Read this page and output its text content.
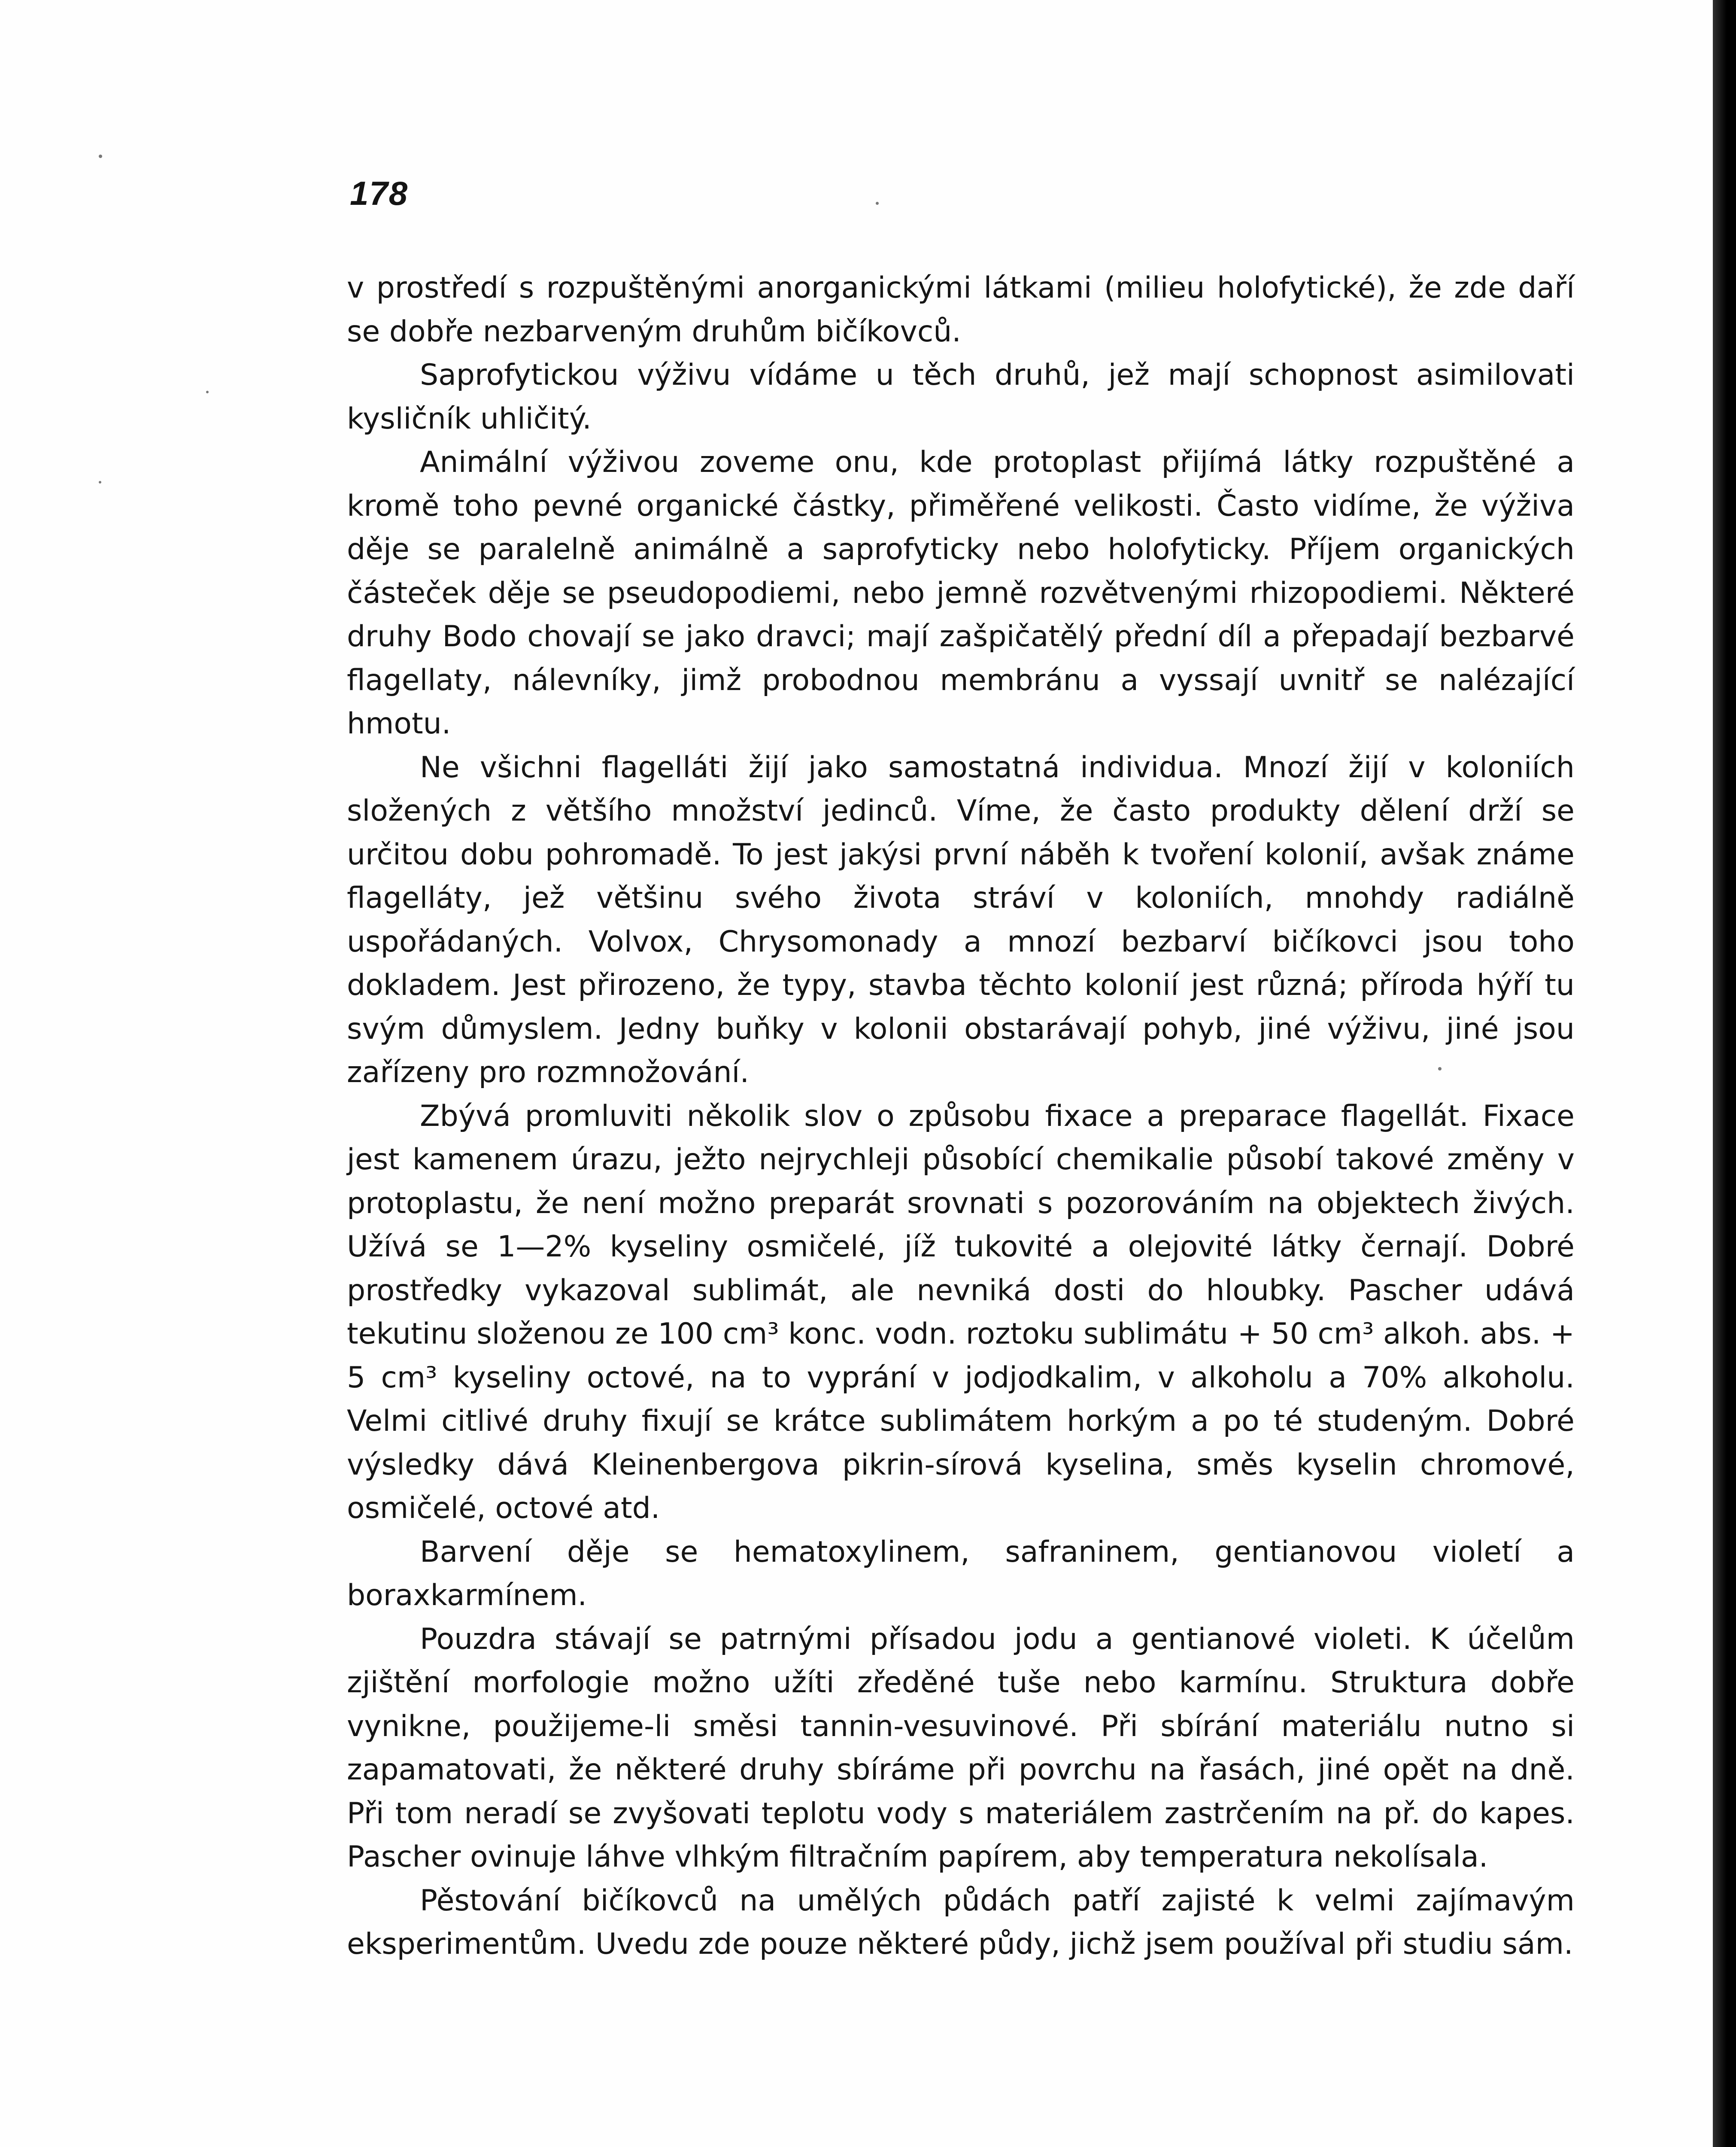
178

v prostředí s rozpuštěnými anorganickými látkami (milieu holofytické), že zde daří se dobře nezbarveným druhům bičíkovců.

Saprofytickou výživu vídáme u těch druhů, jež mají schopnost asimilovati kysličník uhličitý.

Animální výživou zoveme onu, kde protoplast přijímá látky rozpuštěné a kromě toho pevné organické částky, přiměřené velikosti. Často vidíme, že výživa děje se paralelně animálně a saprofyticky nebo holofyticky. Příjem organických částeček děje se pseudopodiemi, nebo jemně rozvětvenými rhizopodiemi. Některé druhy Bodo chovají se jako dravci; mají zašpičatělý přední díl a přepadají bezbarvé flagellaty, nálevníky, jimž probodnou membránu a vyssají uvnitř se nalézající hmotu.

Ne všichni flagelláti žijí jako samostatná individua. Mnozí žijí v koloniích složených z většího množství jedinců. Víme, že často produkty dělení drží se určitou dobu pohromadě. To jest jakýsi první náběh k tvoření kolonií, avšak známe flagelláty, jež většinu svého života stráví v koloniích, mnohdy radiálně uspořádaných. Volvox, Chrysomonady a mnozí bezbarví bičíkovci jsou toho dokladem. Jest přirozeno, že typy, stavba těchto kolonií jest různá; příroda hýří tu svým důmyslem. Jedny buňky v kolonii obstarávají pohyb, jiné výživu, jiné jsou zařízeny pro rozmnožování.

Zbývá promluviti několik slov o způsobu fixace a preparace flagellát. Fixace jest kamenem úrazu, ježto nejrychleji působící chemikalie působí takové změny v protoplastu, že není možno preparát srovnati s pozorováním na objektech živých. Užívá se 1—2% kyseliny osmičelé, jíž tukovité a olejovité látky černají. Dobré prostředky vykazoval sublimát, ale nevniká dosti do hloubky. Pascher udává tekutinu složenou ze 100 cm³ konc. vodn. roztoku sublimátu + 50 cm³ alkoh. abs. + 5 cm³ kyseliny octové, na to vyprání v jodjodkalim, v alkoholu a 70% alkoholu. Velmi citlivé druhy fixují se krátce sublimátem horkým a po té studeným. Dobré výsledky dává Kleinenbergova pikrin-sírová kyselina, směs kyselin chromové, osmičelé, octové atd.

Barvení děje se hematoxylinem, safraninem, gentianovou violetí a boraxkarmínem.

Pouzdra stávají se patrnými přísadou jodu a gentianové violeti. K účelům zjištění morfologie možno užíti zředěné tuše nebo karmínu. Struktura dobře vynikne, použijeme-li směsi tannin-vesuvinové. Při sbírání materiálu nutno si zapamatovati, že některé druhy sbíráme při povrchu na řasách, jiné opět na dně. Při tom neradí se zvyšovati teplotu vody s materiálem zastrčením na př. do kapes. Pascher ovinuje láhve vlhkým filtračním papírem, aby temperatura nekolísala.

Pěstování bičíkovců na umělých půdách patří zajisté k velmi zajímavým eksperimentům. Uvedu zde pouze některé půdy, jichž jsem používal při studiu sám.
